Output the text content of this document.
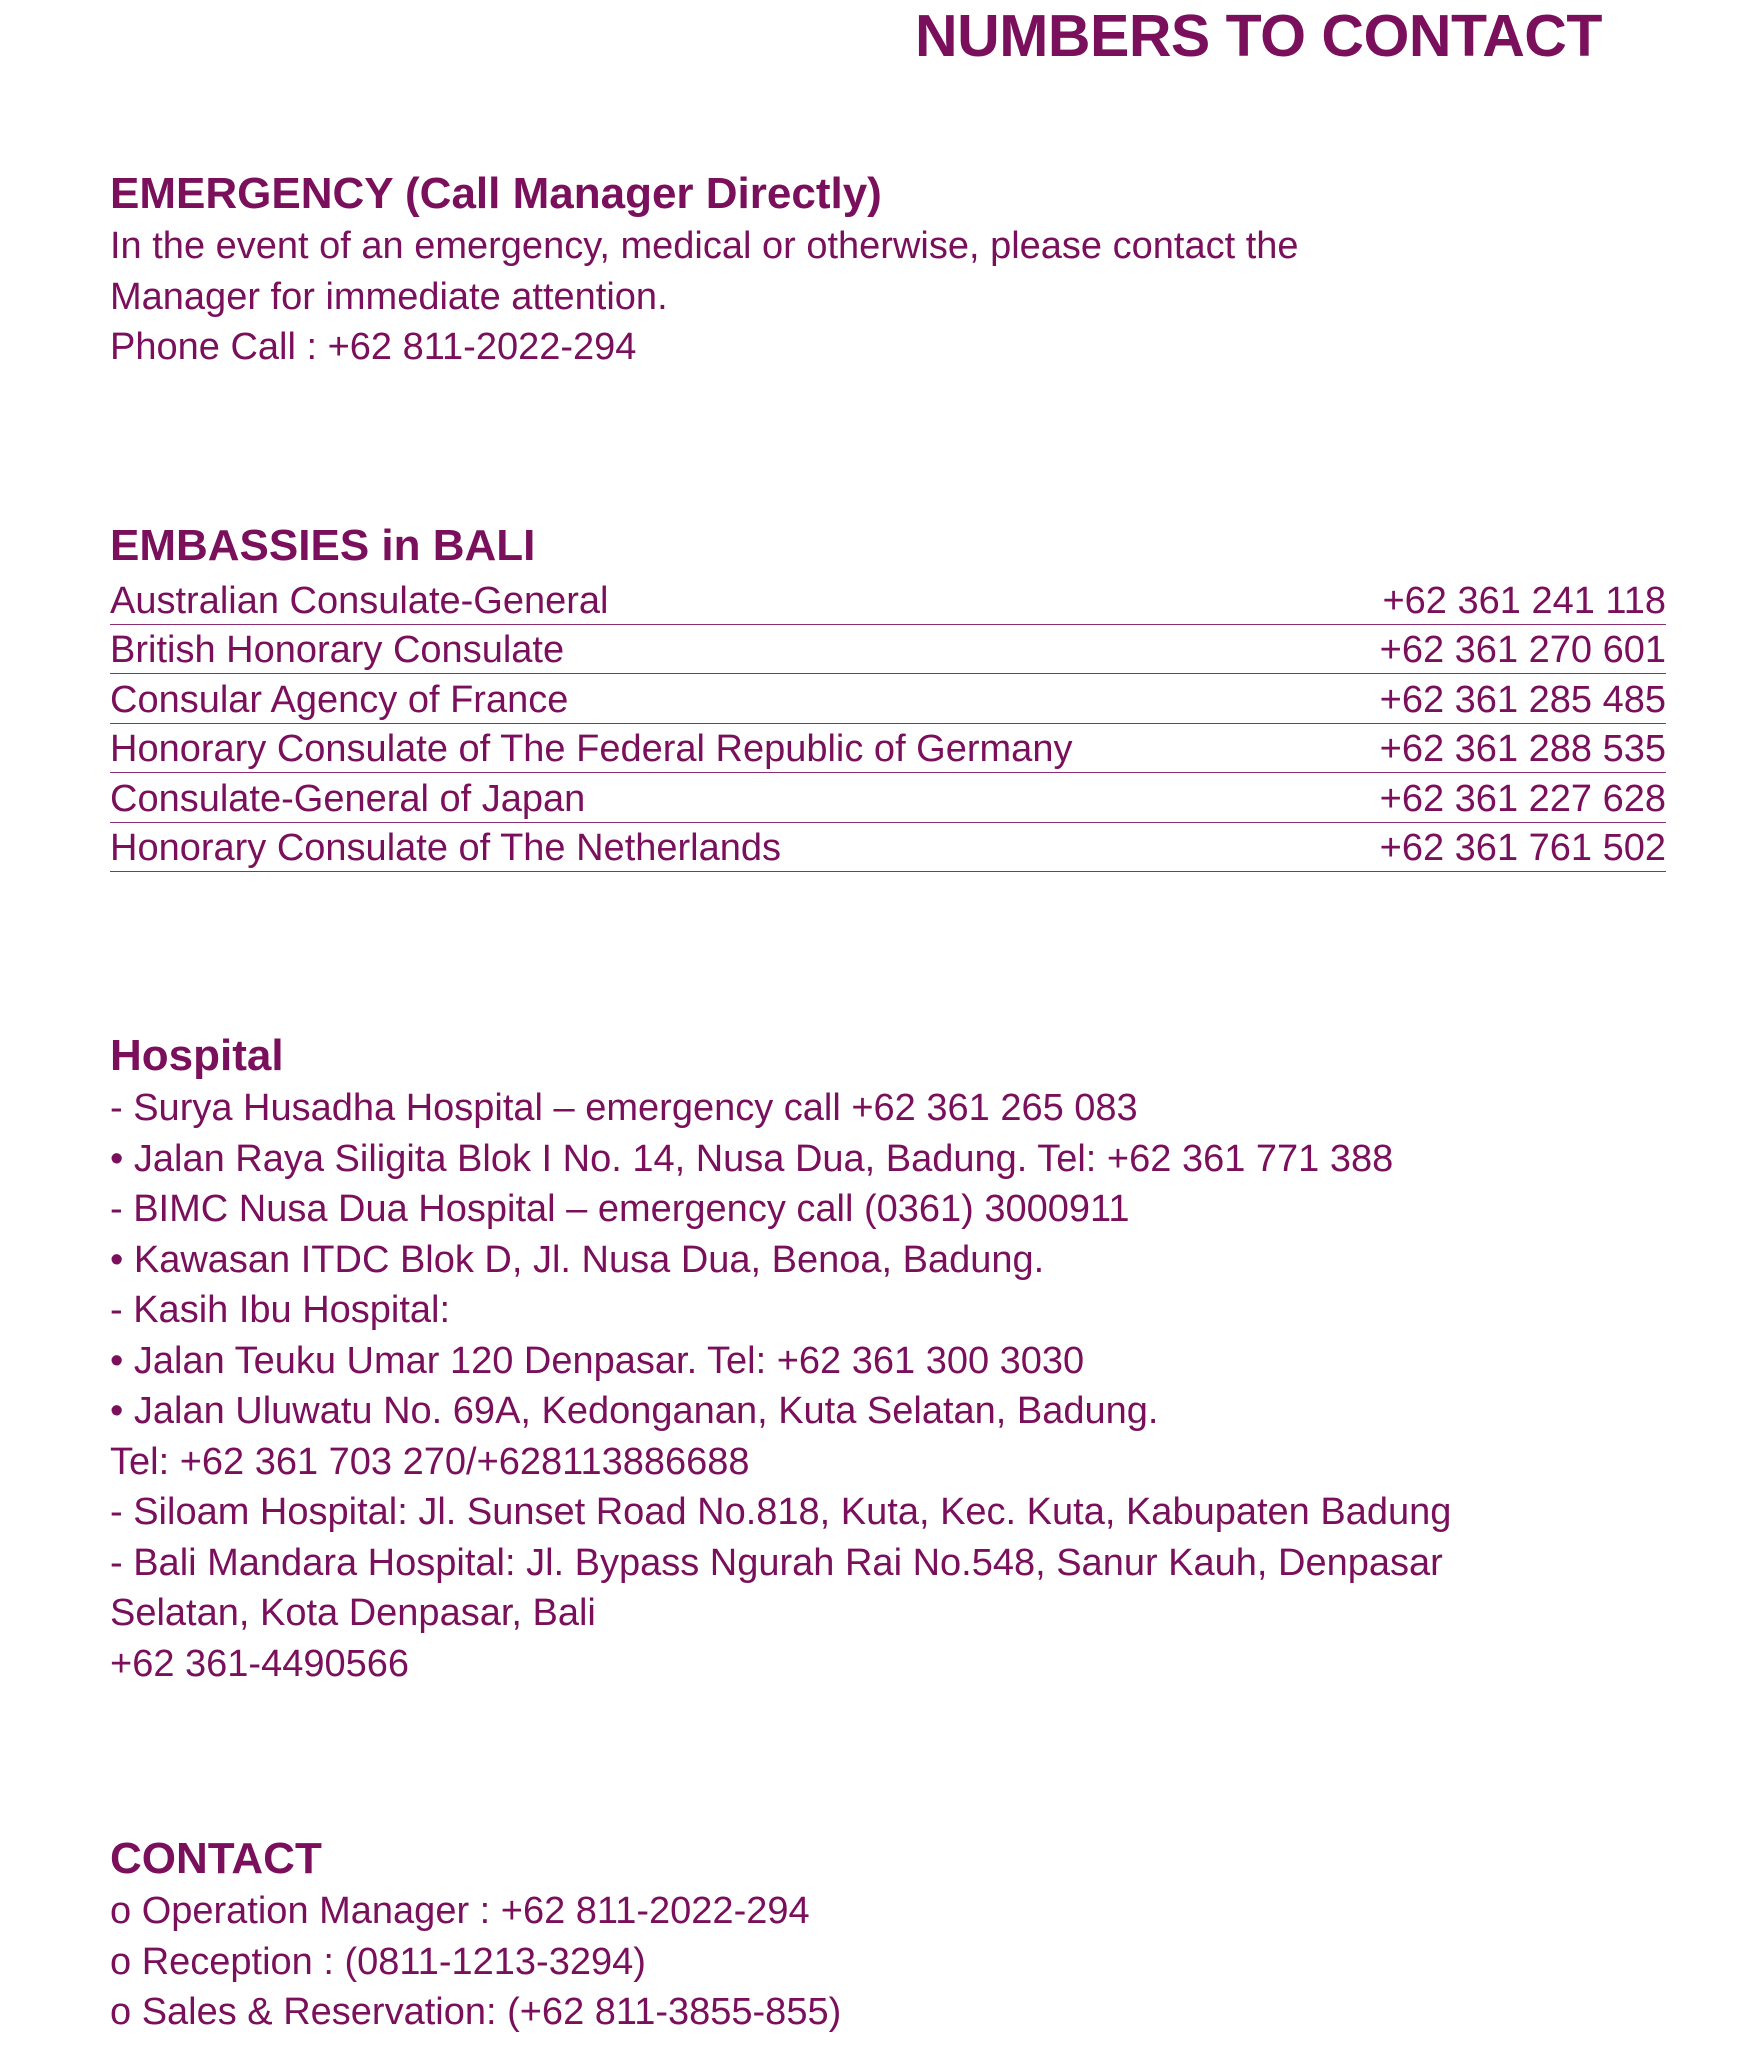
NUMBERS TO CONTACT
EMERGENCY (Call Manager Directly)

In the event of an emergency, medical or otherwise, please contact the

Manager for immediate attention.

Phone Call : +62 811-2022-294

EMBASSIES in BALI
Australian Consulate-General	+62 361 241 118
British Honorary Consulate	+62 361 270 601
Consular Agency of France	+62 361 285 485
Honorary Consulate of The Federal Republic of Germany	+62 361 288 535
Consulate-General of Japan	+62 361 227 628
Honorary Consulate of The Netherlands	+62 361 761 502
Hospital

- Surya Husadha Hospital – emergency call +62 361 265 083

• Jalan Raya Siligita Blok I No. 14, Nusa Dua, Badung. Tel: +62 361 771 388

- BIMC Nusa Dua Hospital – emergency call (0361) 3000911

• Kawasan ITDC Blok D, Jl. Nusa Dua, Benoa, Badung.

- Kasih Ibu Hospital:

• Jalan Teuku Umar 120 Denpasar. Tel: +62 361 300 3030

• Jalan Uluwatu No. 69A, Kedonganan, Kuta Selatan, Badung.

Tel: +62 361 703 270/+628113886688

- Siloam Hospital: Jl. Sunset Road No.818, Kuta, Kec. Kuta, Kabupaten Badung

- Bali Mandara Hospital: Jl. Bypass Ngurah Rai No.548, Sanur Kauh, Denpasar

Selatan, Kota Denpasar, Bali

+62 361-4490566

CONTACT

o Operation Manager : +62 811-2022-294

o Reception : (0811-1213-3294)

o Sales & Reservation: (+62 811-3855-855)
